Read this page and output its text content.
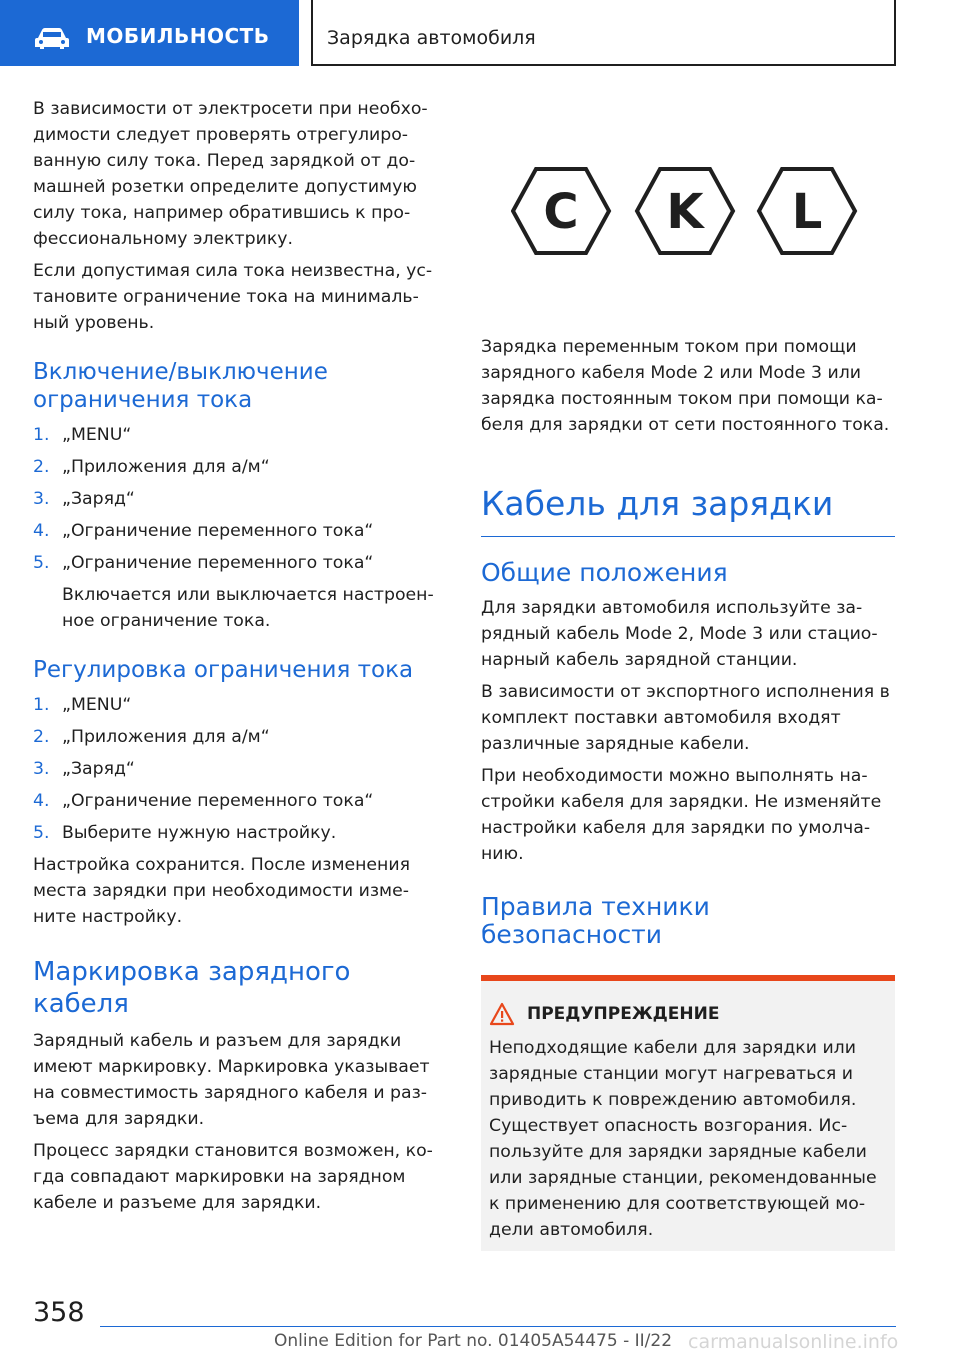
МОБИЛЬНОСТЬ	Зарядка автомобиля

В зависимости от электросети при необхо-димости следует проверять отрегулиро-ванную силу тока. Перед зарядкой от до-машней розетки определите допустимую силу тока, например обратившись к про-фессиональному электрику.

Если допустимая сила тока неизвестна, ус-тановите ограничение тока на минималь-ный уровень.

Включение/выключение ограничения тока
1. „MENU“
2. „Приложения для а/м“
3. „Заряд“
4. „Ограничение переменного тока“
5. „Ограничение переменного тока“

Включается или выключается настроен-ное ограничение тока.

Регулировка ограничения тока
1. „MENU“
2. „Приложения для а/м“
3. „Заряд“
4. „Ограничение переменного тока“
5. Выберите нужную настройку.

Настройка сохранится. После изменения места зарядки при необходимости изме-ните настройку.

Маркировка зарядного кабеля

Зарядный кабель и разъем для зарядки имеют маркировку. Маркировка указывает на совместимость зарядного кабеля и раз-ъема для зарядки.

Процесс зарядки становится возможен, ко-гда совпадают маркировки на зарядном кабеле и разъеме для зарядки.

C K L

Зарядка переменным током при помощи зарядного кабеля Mode 2 или Mode 3 или зарядка постоянным током при помощи ка-беля для зарядки от сети постоянного тока.

Кабель для зарядки
Общие положения

Для зарядки автомобиля используйте за-рядный кабель Mode 2, Mode 3 или стацио-нарный кабель зарядной станции.

В зависимости от экспортного исполнения в комплект поставки автомобиля входят различные зарядные кабели.

При необходимости можно выполнять на-стройки кабеля для зарядки. Не изменяйте настройки кабеля для зарядки по умолча-нию.

Правила техники безопасности
ПРЕДУПРЕЖДЕНИЕ

Неподходящие кабели для зарядки или зарядные станции могут нагреваться и приводить к повреждению автомобиля. Существует опасность возгорания. Ис-пользуйте для зарядки зарядные кабели или зарядные станции, рекомендованные к применению для соответствующей мо-дели автомобиля.

358
Online Edition for Part no. 01405A54475 - II/22 carmanualsonline.info
